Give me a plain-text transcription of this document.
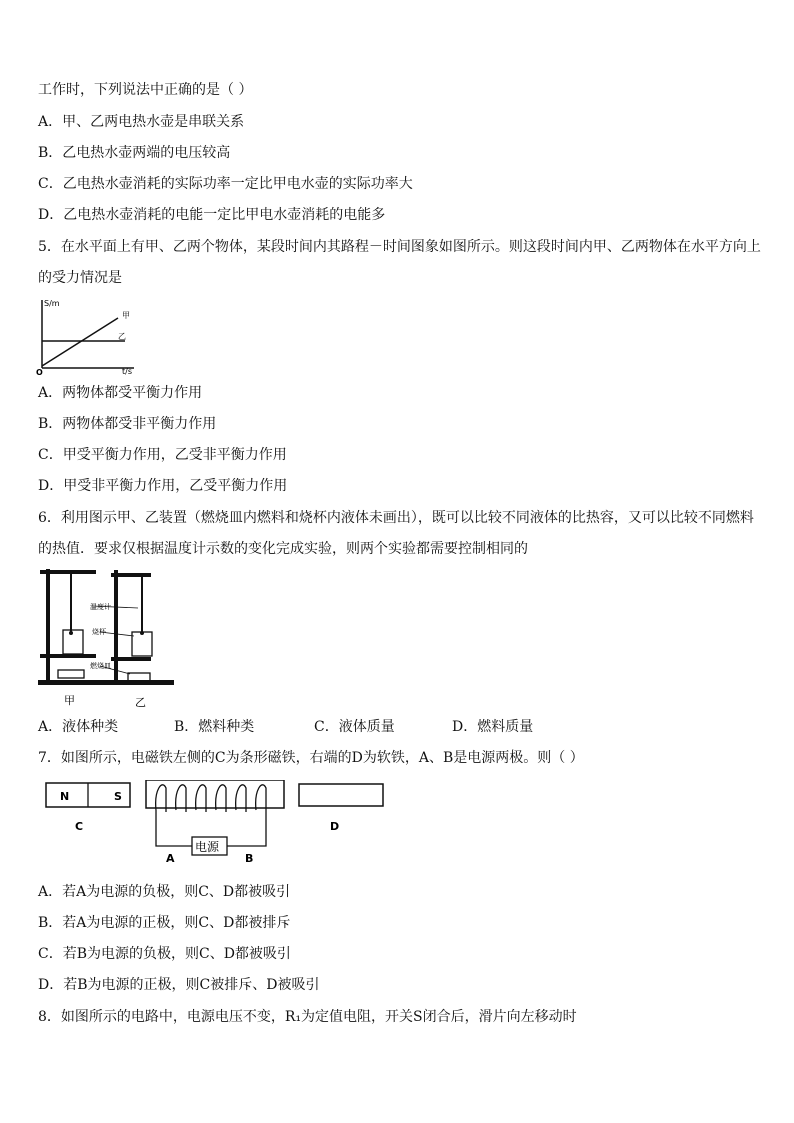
工作时，下列说法中正确的是（ ）
A．甲、乙两电热水壶是串联关系
B．乙电热水壶两端的电压较高
C．乙电热水壶消耗的实际功率一定比甲电水壶的实际功率大
D．乙电热水壶消耗的电能一定比甲电水壶消耗的电能多
5．在水平面上有甲、乙两个物体，某段时间内其路程－时间图象如图所示。则这段时间内甲、乙两物体在水平方向上
的受力情况是
S/m
t/s
O
甲
乙
A．两物体都受平衡力作用
B．两物体都受非平衡力作用
C．甲受平衡力作用，乙受非平衡力作用
D．甲受非平衡力作用，乙受平衡力作用
6．利用图示甲、乙装置（燃烧皿内燃料和烧杯内液体未画出），既可以比较不同液体的比热容，又可以比较不同燃料
的热值．要求仅根据温度计示数的变化完成实验，则两个实验都需要控制相同的
温度计
烧杯
燃烧皿
甲	乙
A．液体种类	B．燃料种类	C．液体质量	D．燃料质量
7．如图所示，电磁铁左侧的C为条形磁铁，右端的D为软铁，A、B是电源两极。则（ ）
N	S
C
电源
A	B
D
A．若A为电源的负极，则C、D都被吸引
B．若A为电源的正极，则C、D都被排斥
C．若B为电源的负极，则C、D都被吸引
D．若B为电源的正极，则C被排斥、D被吸引
8．如图所示的电路中，电源电压不变，R₁为定值电阻，开关S闭合后，滑片向左移动时
